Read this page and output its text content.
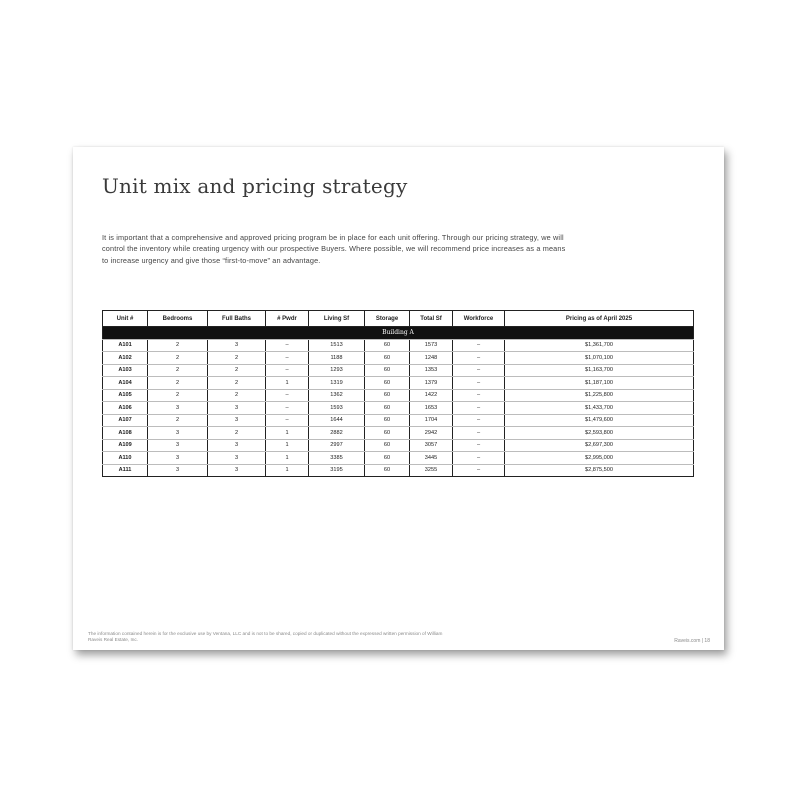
Unit mix and pricing strategy

It is important that a comprehensive and approved pricing program be in place for each unit offering. Through our pricing strategy, we will control the inventory while creating urgency with our prospective Buyers. Where possible, we will recommend price increases as a means to increase urgency and give those “first-to-move” an advantage.

Unit #	Bedrooms	Full Baths	# Pwdr	Living Sf	Storage	Total Sf	Workforce	Pricing as of April 2025
Building A								
A101	2	3	–	1513	60	1573	–	$1,361,700
A102	2	2	–	1188	60	1248	–	$1,070,100
A103	2	2	–	1293	60	1353	–	$1,163,700
A104	2	2	1	1319	60	1379	–	$1,187,100
A105	2	2	–	1362	60	1422	–	$1,225,800
A106	3	3	–	1593	60	1653	–	$1,433,700
A107	2	3	–	1644	60	1704	–	$1,479,600
A108	3	2	1	2882	60	2942	–	$2,593,800
A109	3	3	1	2997	60	3057	–	$2,697,300
A110	3	3	1	3385	60	3445	–	$2,995,000
A111	3	3	1	3195	60	3255	–	$2,875,500

The information contained herein is for the exclusive use by Ventana, LLC and is not to be shared, copied or duplicated without the expressed written permission of William Raveis Real Estate, Inc.	Raveis.com | 18
